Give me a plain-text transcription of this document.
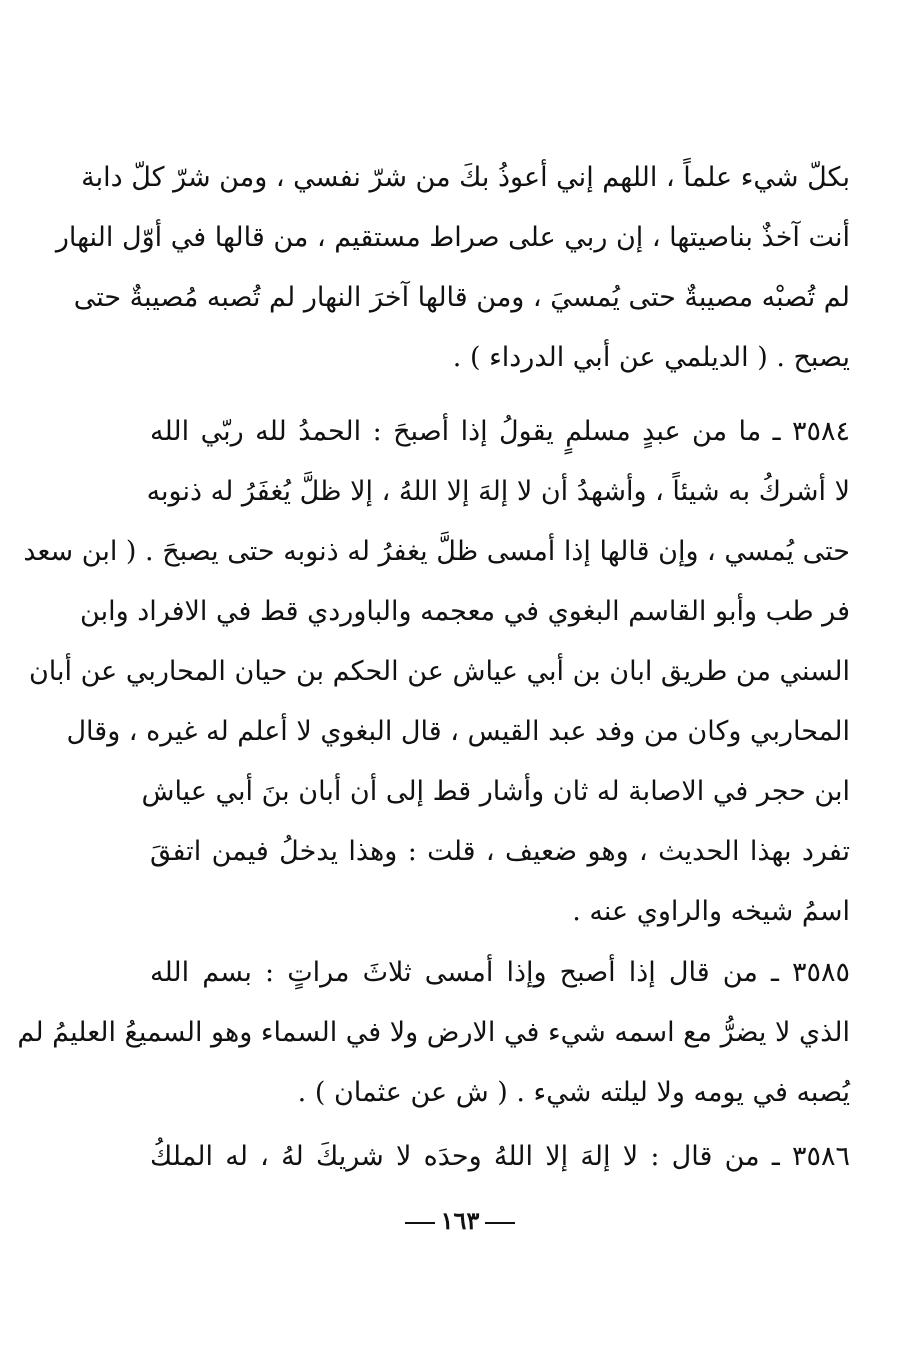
بكلّ شيء علماً ، اللهم إني أعوذُ بكَ من شرّ نفسي ، ومن شرّ كلّ دابة
أنت آخذٌ بناصيتها ، إن ربي على صراط مستقيم ، من قالها في أوّل النهار
لم تُصبْه مصيبةٌ حتى يُمسيَ ، ومن قالها آخرَ النهار لم تُصبه مُصيبةٌ حتى
يصبح . ( الديلمي عن أبي الدرداء ) .
٣٥٨٤ ـ ما من عبدٍ مسلمٍ يقولُ إذا أصبحَ : الحمدُ لله ربّي الله
لا أشركُ به شيئاً ، وأشهدُ أن لا إلهَ إلا اللهُ ، إلا ظلَّ يُغفَرُ له ذنوبه
حتى يُمسي ، وإن قالها إذا أمسى ظلَّ يغفرُ له ذنوبه حتى يصبحَ . ( ابن سعد
فر طب وأبو القاسم البغوي في معجمه والباوردي قط في الافراد وابن
السني من طريق ابان بن أبي عياش عن الحكم بن حيان المحاربي عن أبان
المحاربي وكان من وفد عبد القيس ، قال البغوي لا أعلم له غيره ، وقال
ابن حجر في الاصابة له ثان وأشار قط إلى أن أبان بنَ أبي عياش
تفرد بهذا الحديث ، وهو ضعيف ، قلت : وهذا يدخلُ فيمن اتفقَ
اسمُ شيخه والراوي عنه .
٣٥٨٥ ـ من قال إذا أصبح وإذا أمسى ثلاثَ مراتٍ : بسم الله
الذي لا يضرُّ مع اسمه شيء في الارض ولا في السماء وهو السميعُ العليمُ لم
يُصبه في يومه ولا ليلته شيء . ( ش عن عثمان ) .
٣٥٨٦ ـ من قال : لا إلهَ إلا اللهُ وحدَه لا شريكَ لهُ ، له الملكُ
١٦٣
